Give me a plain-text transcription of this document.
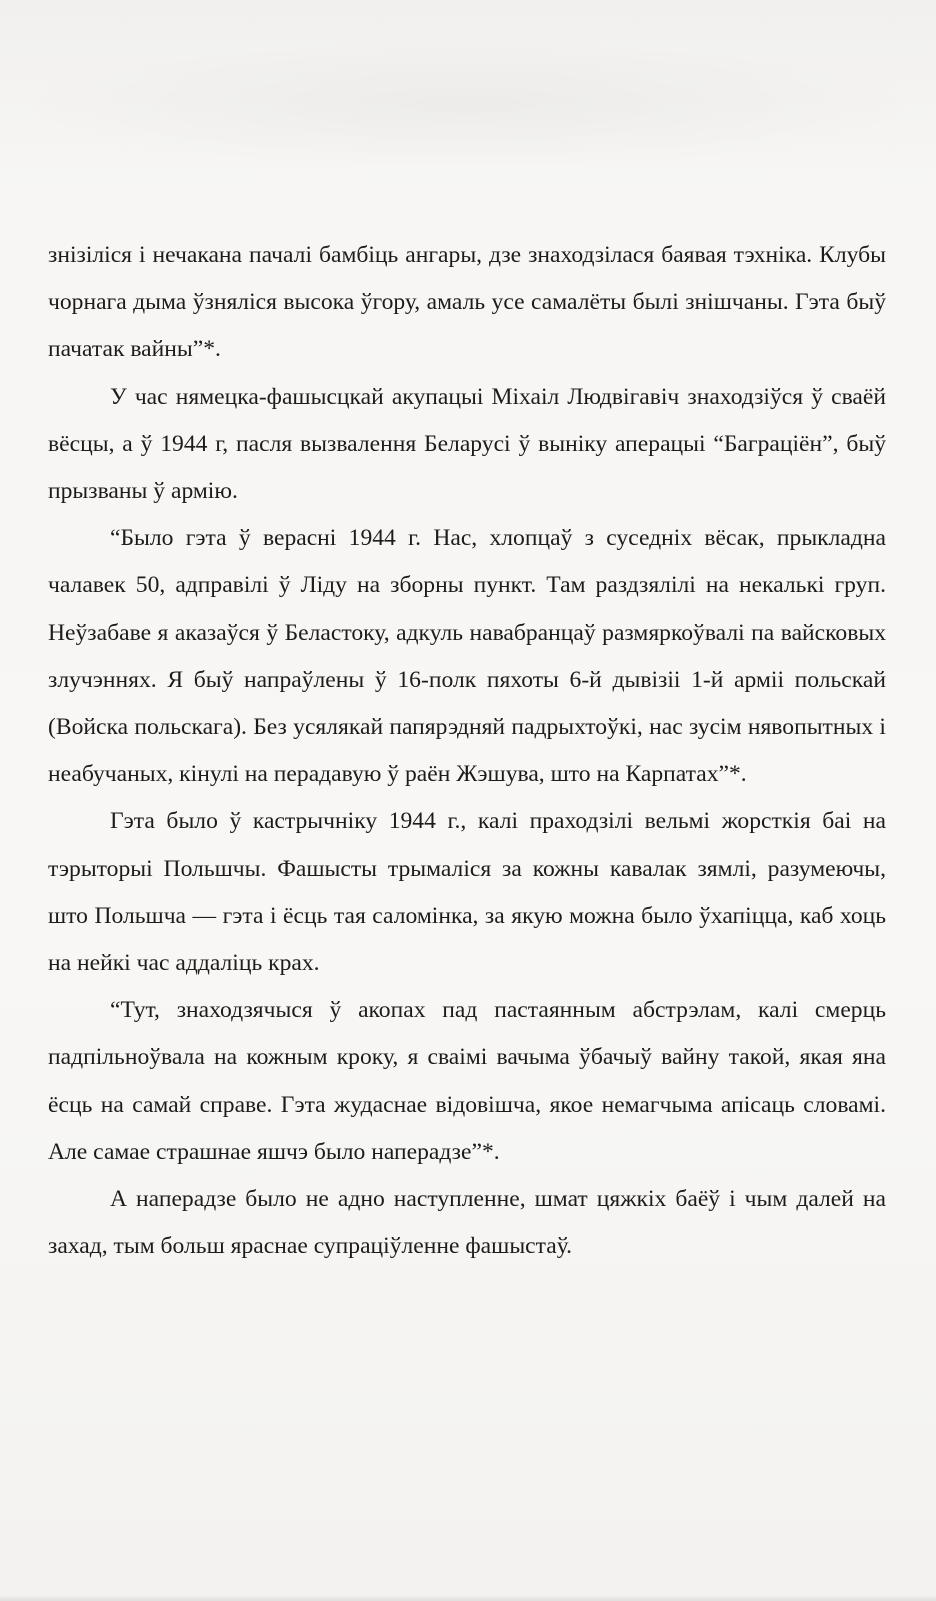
знізіліся і нечакана пачалі бамбіць ангары, дзе знаходзілася баявая тэхніка. Клубы чорнага дыма ўзняліся высока ўгору, амаль усе самалёты былі знішчаны. Гэта быў пачатак вайны”*.

У час нямецка-фашысцкай акупацыі Міхаіл Людвігавіч знаходзіўся ў сваёй вёсцы, а ў 1944 г, пасля вызвалення Беларусі ў выніку аперацыі “Баграціён”, быў прызваны ў армію.

“Было гэта ў верасні 1944 г. Нас, хлопцаў з суседніх вёсак, прыкладна чалавек 50, адправілі ў Ліду на зборны пункт. Там раздзялілі на некалькі груп. Неўзабаве я аказаўся ў Беластоку, адкуль навабранцаў размяркоўвалі па вайсковых злучэннях. Я быў напраўлены ў 16-полк пяхоты 6-й дывізіі 1-й арміі польскай (Войска польскага). Без усялякай папярэдняй падрыхтоўкі, нас зусім нявопытных і неабучаных, кінулі на перадавую ў раён Жэшува, што на Карпатах”*.

Гэта было ў кастрычніку 1944 г., калі праходзілі вельмі жорсткія баі на тэрыторыі Польшчы. Фашысты трымаліся за кожны кавалак зямлі, разумеючы, што Польшча — гэта і ёсць тая саломінка, за якую можна было ўхапіцца, каб хоць на нейкі час аддаліць крах.

“Тут, знаходзячыся ў акопах пад пастаянным абстрэлам, калі смерць падпільноўвала на кожным кроку, я сваімі вачыма ўбачыў вайну такой, якая яна ёсць на самай справе. Гэта жудаснае відовішча, якое немагчыма апісаць словамі. Але самае страшнае яшчэ было наперадзе”*.

А наперадзе было не адно наступленне, шмат цяжкіх баёў і чым далей на захад, тым больш яраснае супраціўленне фашыстаў.
